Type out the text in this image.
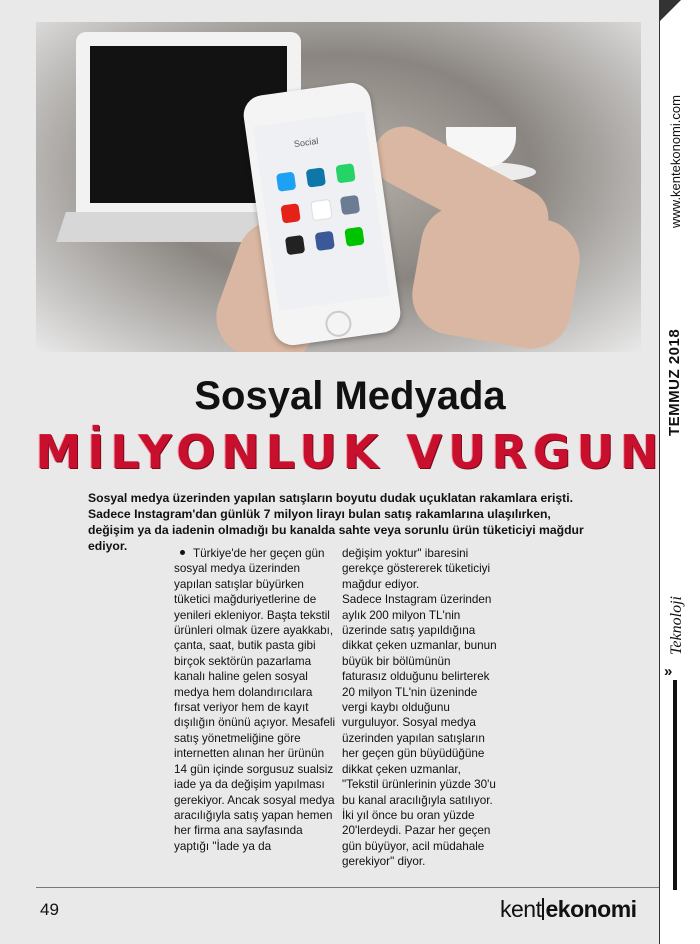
www.kentekonomi.com
TEMMUZ 2018
Teknoloji
»
Social
Sosyal Medyada
MİLYONLUK VURGUN
Sosyal medya üzerinden yapılan satışların boyutu dudak uçuklatan rakamlara erişti. Sadece Instagram'dan günlük 7 milyon lirayı bulan satış rakamlarına ulaşılırken, değişim ya da iadenin olmadığı bu kanalda sahte veya sorunlu ürün tüketiciyi mağdur ediyor.

Türkiye'de her geçen gün sosyal medya üzerinden yapılan satışlar büyürken tüketici mağduriyetlerine de yenileri ekleniyor. Başta tekstil ürünleri olmak üzere ayakkabı, çanta, saat, butik pasta gibi birçok sektörün pazarlama kanalı haline gelen sosyal medya hem dolandırıcılara fırsat veriyor hem de kayıt dışılığın önünü açıyor. Mesafeli satış yönetmeliğine göre internetten alınan her ürünün 14 gün içinde sorgusuz sualsiz iade ya da değişim yapılması gerekiyor. Ancak sosyal medya aracılığıyla satış yapan hemen her firma ana sayfasında yaptığı "İade ya da

değişim yoktur" ibaresini gerekçe göstererek tüketiciyi mağdur ediyor.

Sadece Instagram üzerinden aylık 200 milyon TL'nin üzerinde satış yapıldığına dikkat çeken uzmanlar, bunun büyük bir bölümünün faturasız olduğunu belirterek 20 milyon TL'nin üzeninde vergi kaybı olduğunu vurguluyor. Sosyal medya üzerinden yapılan satışların her geçen gün büyüdüğüne dikkat çeken uzmanlar, "Tekstil ürünlerinin yüzde 30'u bu kanal aracılığıyla satılıyor. İki yıl önce bu oran yüzde 20'lerdeydi. Pazar her geçen gün büyüyor, acil müdahale gerekiyor" diyor.

49	kent ekonomi
